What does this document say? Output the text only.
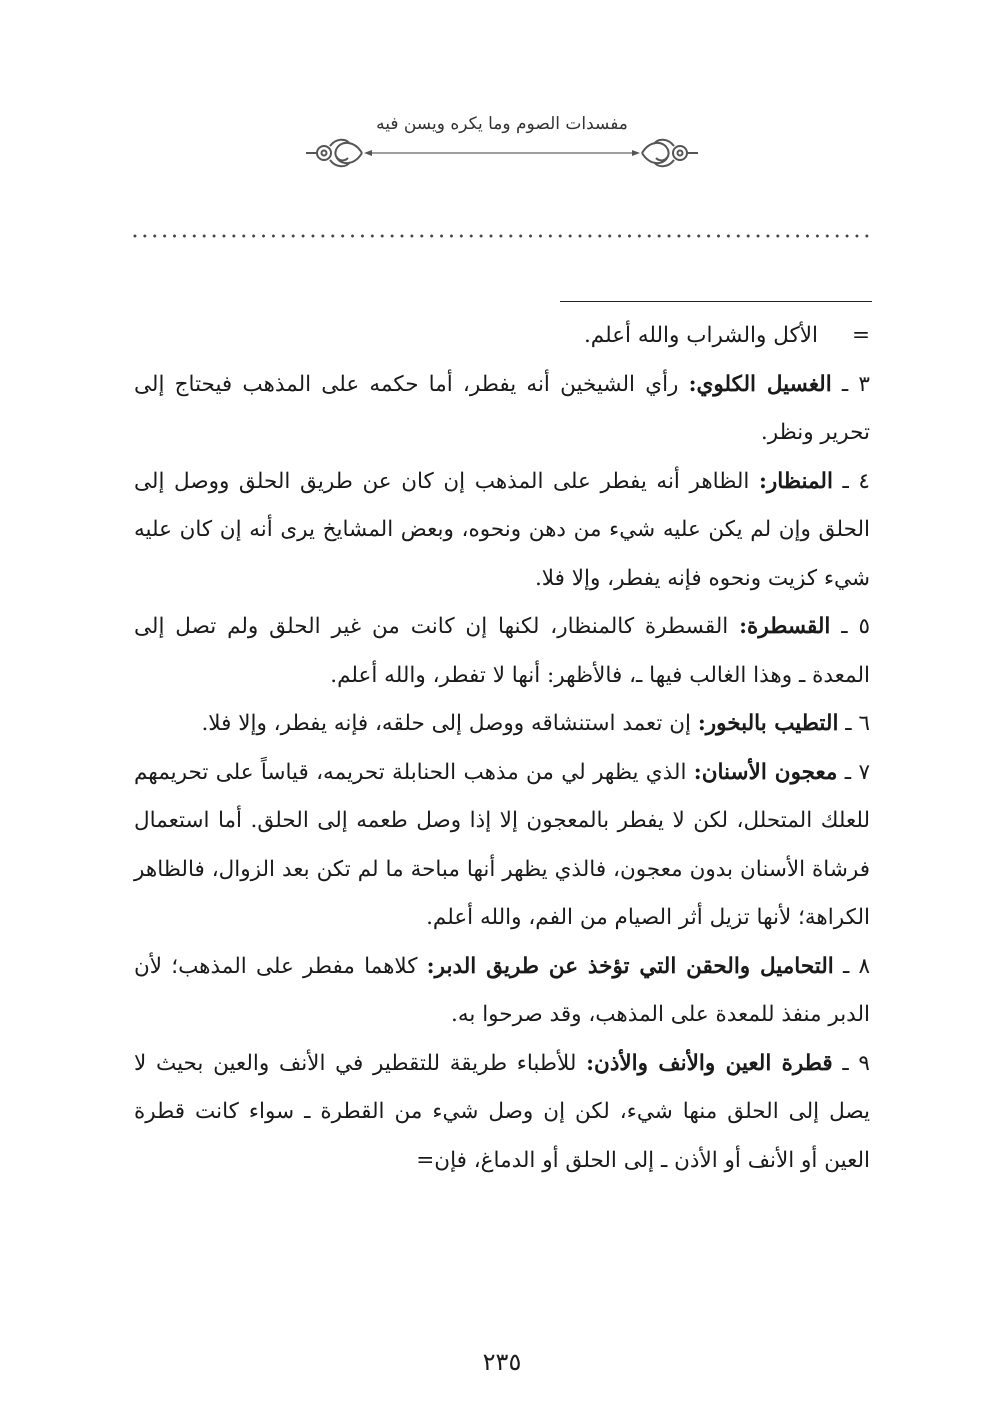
مفسدات الصوم وما يكره ويسن فيه

=
الأكل والشراب والله أعلم.

٣ ـ الغسيل الكلوي: رأي الشيخين أنه يفطر، أما حكمه على المذهب فيحتاج إلى تحرير ونظر.

٤ ـ المنظار: الظاهر أنه يفطر على المذهب إن كان عن طريق الحلق ووصل إلى الحلق وإن لم يكن عليه شيء من دهن ونحوه، وبعض المشايخ يرى أنه إن كان عليه شيء كزيت ونحوه فإنه يفطر، وإلا فلا.

٥ ـ القسطرة: القسطرة كالمنظار، لكنها إن كانت من غير الحلق ولم تصل إلى المعدة ـ وهذا الغالب فيها ـ، فالأظهر: أنها لا تفطر، والله أعلم.

٦ ـ التطيب بالبخور: إن تعمد استنشاقه ووصل إلى حلقه، فإنه يفطر، وإلا فلا.

٧ ـ معجون الأسنان: الذي يظهر لي من مذهب الحنابلة تحريمه، قياساً على تحريمهم للعلك المتحلل، لكن لا يفطر بالمعجون إلا إذا وصل طعمه إلى الحلق. أما استعمال فرشاة الأسنان بدون معجون، فالذي يظهر أنها مباحة ما لم تكن بعد الزوال، فالظاهر الكراهة؛ لأنها تزيل أثر الصيام من الفم، والله أعلم.

٨ ـ التحاميل والحقن التي تؤخذ عن طريق الدبر: كلاهما مفطر على المذهب؛ لأن الدبر منفذ للمعدة على المذهب، وقد صرحوا به.

٩ ـ قطرة العين والأنف والأذن: للأطباء طريقة للتقطير في الأنف والعين بحيث لا يصل إلى الحلق منها شيء، لكن إن وصل شيء من القطرة ـ سواء كانت قطرة العين أو الأنف أو الأذن ـ إلى الحلق أو الدماغ، فإن=

٢٣٥
